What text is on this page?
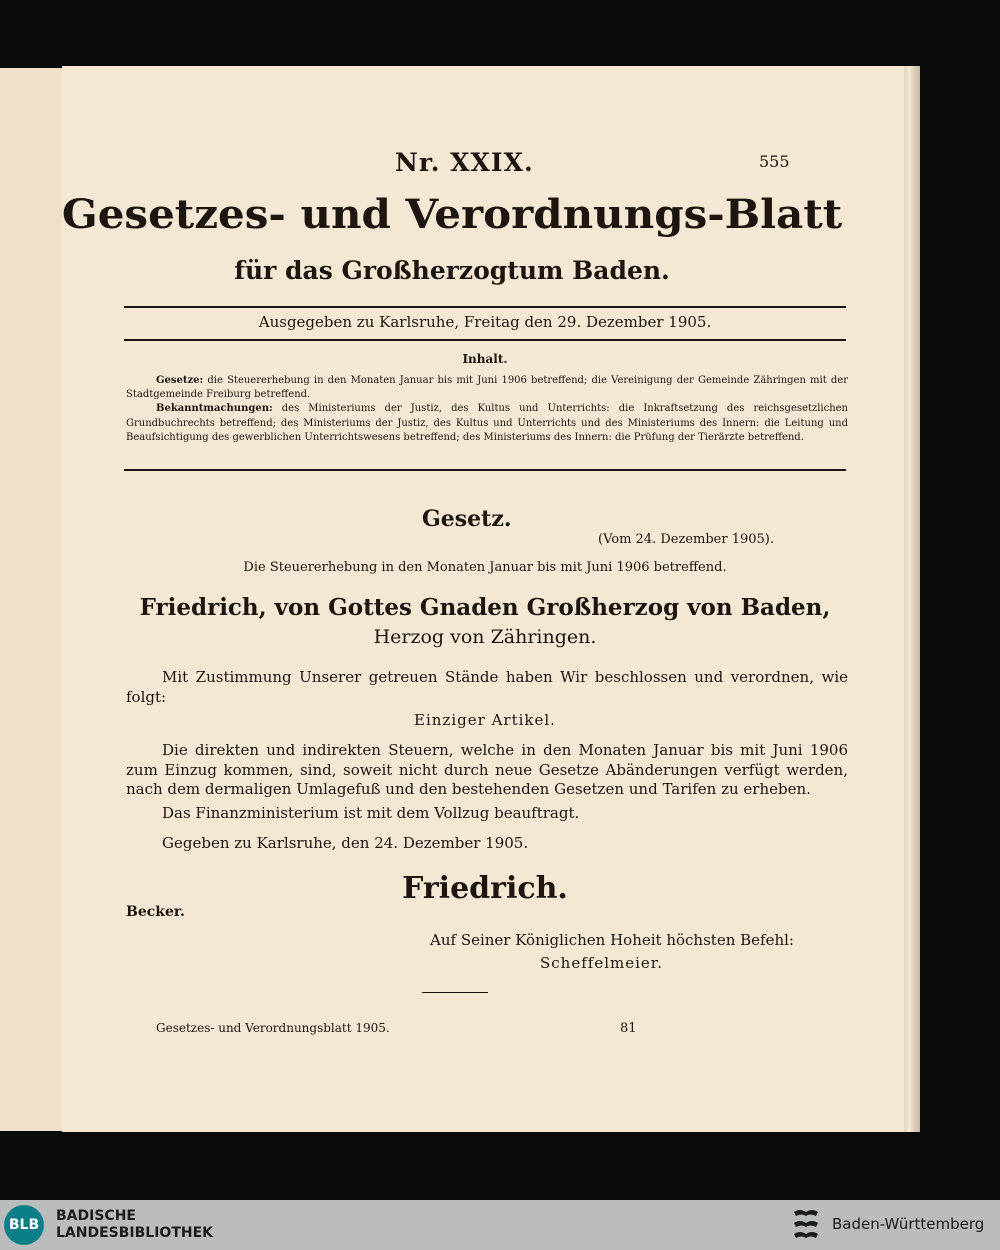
Nr. XXIX.	555
Gesetzes- und Verordnungs-Blatt
für das Großherzogtum Baden.
Ausgegeben zu Karlsruhe, Freitag den 29. Dezember 1905.
Inhalt.
Gesetze: die Steuererhebung in den Monaten Januar bis mit Juni 1906 betreffend; die Vereinigung der Gemeinde Zähringen mit der Stadtgemeinde Freiburg betreffend.
Bekanntmachungen: des Ministeriums der Justiz, des Kultus und Unterrichts: die Inkraftsetzung des reichsgesetzlichen Grundbuchrechts betreffend; des Ministeriums der Justiz, des Kultus und Unterrichts und des Ministeriums des Innern: die Leitung und Beaufsichtigung des gewerblichen Unterrichtswesens betreffend; des Ministeriums des Innern: die Prüfung der Tierärzte betreffend.
Gesetz.
(Vom 24. Dezember 1905).
Die Steuererhebung in den Monaten Januar bis mit Juni 1906 betreffend.
Friedrich, von Gottes Gnaden Großherzog von Baden,
Herzog von Zähringen.
Mit Zustimmung Unserer getreuen Stände haben Wir beschlossen und verordnen, wie folgt:
Einziger Artikel.
Die direkten und indirekten Steuern, welche in den Monaten Januar bis mit Juni 1906 zum Einzug kommen, sind, soweit nicht durch neue Gesetze Abänderungen verfügt werden, nach dem dermaligen Umlagefuß und den bestehenden Gesetzen und Tarifen zu erheben.
Das Finanzministerium ist mit dem Vollzug beauftragt.
Gegeben zu Karlsruhe, den 24. Dezember 1905.
Friedrich.
Becker.
Auf Seiner Königlichen Hoheit höchsten Befehl:
Scheffelmeier.
Gesetzes- und Verordnungsblatt 1905.	81
BLB
BADISCHE
LANDESBIBLIOTHEK	Baden-Württemberg
